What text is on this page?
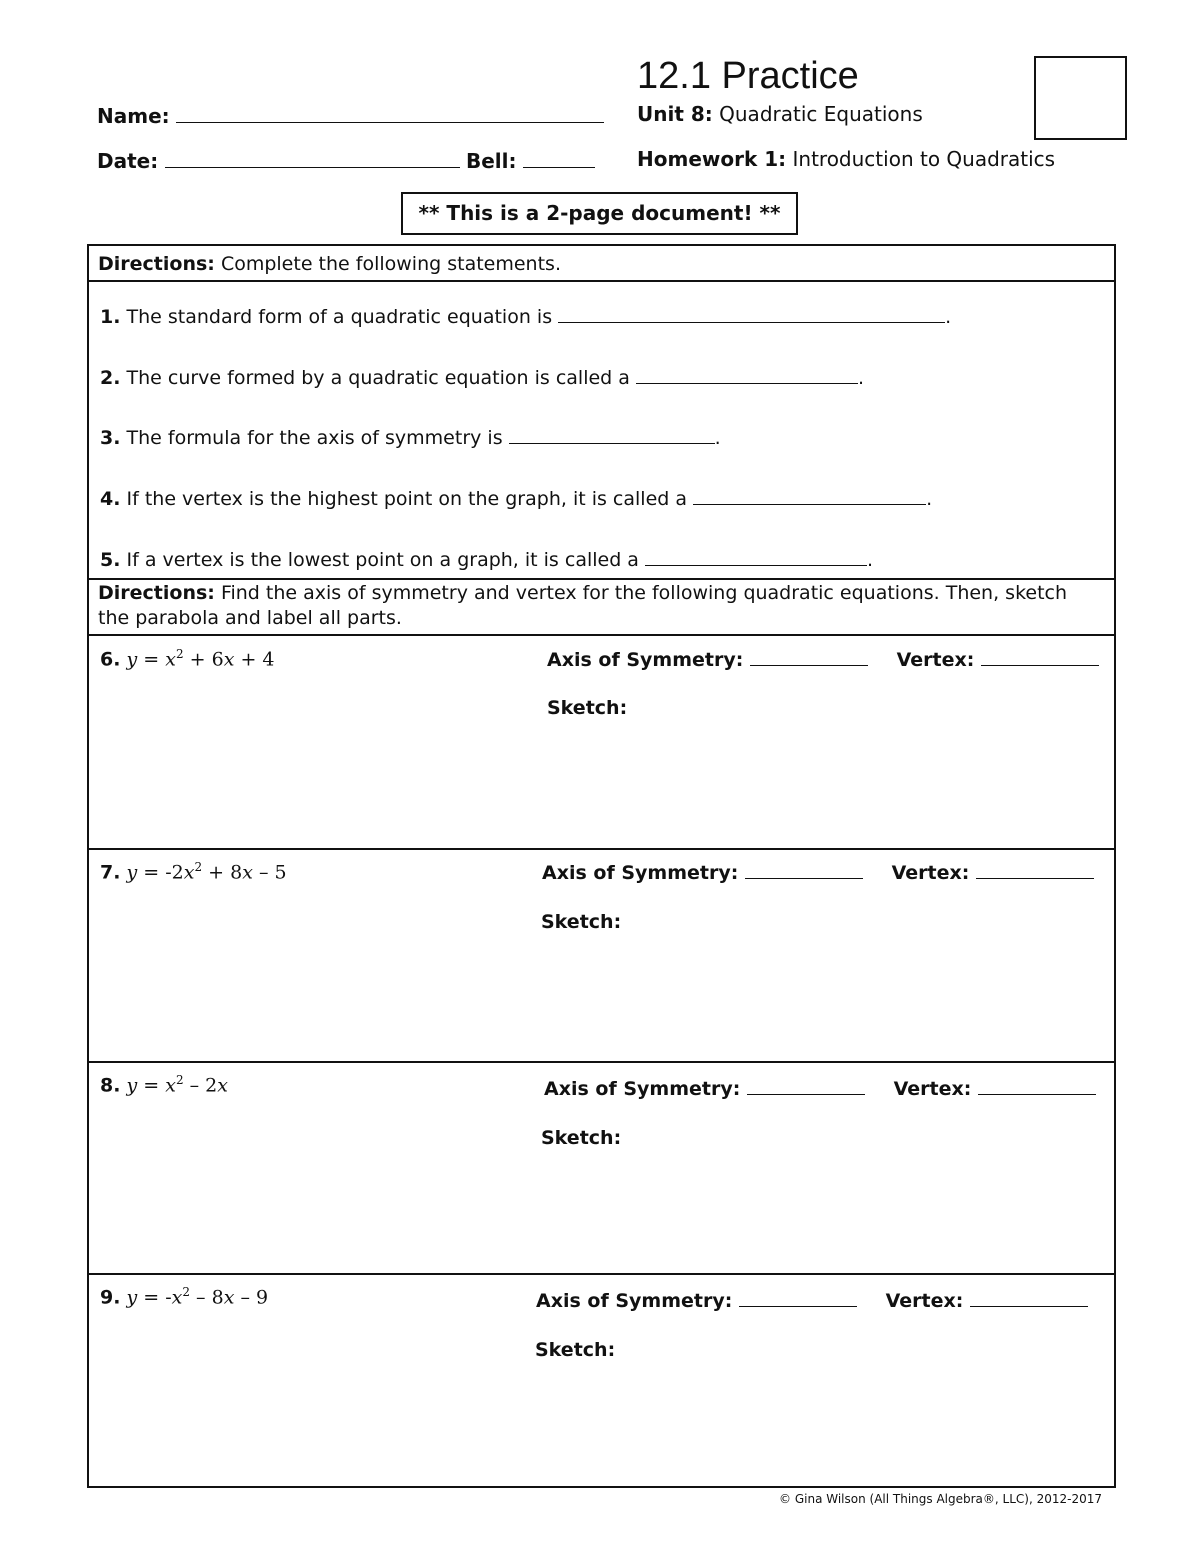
12.1 Practice
Name:
Date:	Bell:
Unit 8: Quadratic Equations
Homework 1: Introduction to Quadratics
** This is a 2-page document! **
Directions: Complete the following statements.
1. The standard form of a quadratic equation is	.
2. The curve formed by a quadratic equation is called a	.
3. The formula for the axis of symmetry is	.
4. If the vertex is the highest point on the graph, it is called a	.
5. If a vertex is the lowest point on a graph, it is called a	.
Directions: Find the axis of symmetry and vertex for the following quadratic equations. Then, sketch the parabola and label all parts.
6. $y = x^2 + 6x + 4$	Axis of Symmetry:	Vertex:
Sketch:
7. $y = -2x^2 + 8x - 5$	Axis of Symmetry:	Vertex:
Sketch:
8. $y = x^2 - 2x$	Axis of Symmetry:	Vertex:
Sketch:
9. $y = -x^2 - 8x - 9$	Axis of Symmetry:	Vertex:
Sketch:
© Gina Wilson (All Things Algebra®, LLC), 2012-2017
